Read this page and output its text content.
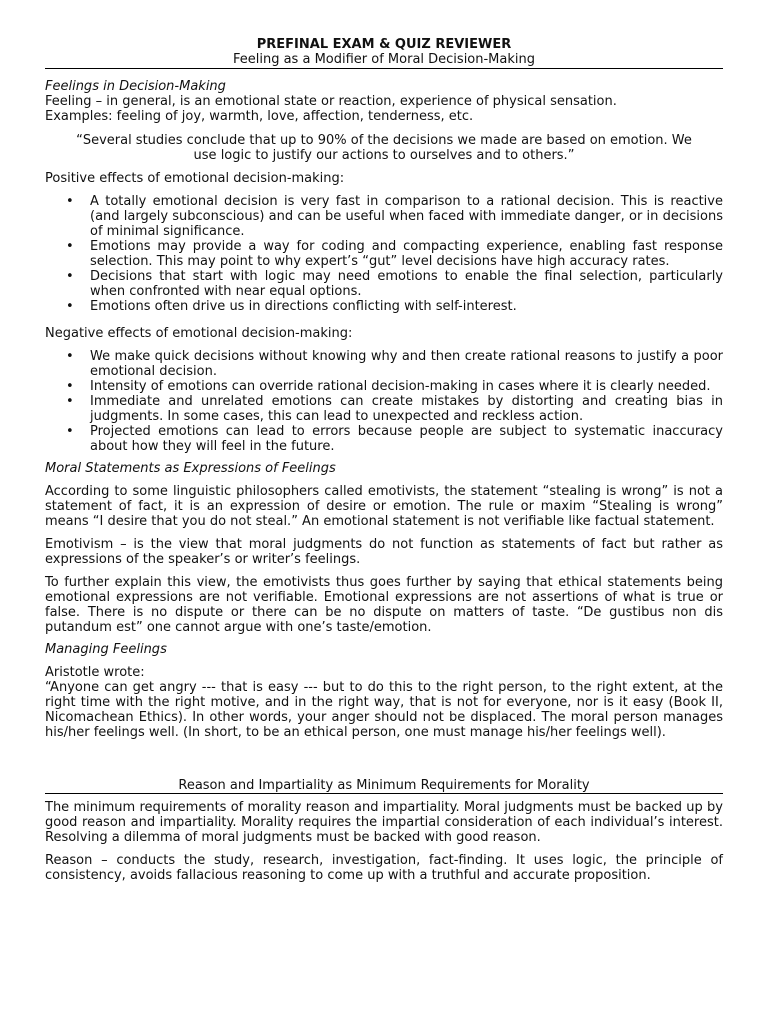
PREFINAL EXAM & QUIZ REVIEWER
Feeling as a Modifier of Moral Decision-Making
Feelings in Decision-Making

Feeling – in general, is an emotional state or reaction, experience of physical sensation.

Examples: feeling of joy, warmth, love, affection, tenderness, etc.

“Several studies conclude that up to 90% of the decisions we made are based on emotion. We use logic to justify our actions to ourselves and to others.”

Positive effects of emotional decision-making:

• A totally emotional decision is very fast in comparison to a rational decision. This is reactive (and largely subconscious) and can be useful when faced with immediate danger, or in decisions of minimal significance.
• Emotions may provide a way for coding and compacting experience, enabling fast response selection. This may point to why expert’s “gut” level decisions have high accuracy rates.
• Decisions that start with logic may need emotions to enable the final selection, particularly when confronted with near equal options.
• Emotions often drive us in directions conflicting with self-interest.

Negative effects of emotional decision-making:

• We make quick decisions without knowing why and then create rational reasons to justify a poor emotional decision.
• Intensity of emotions can override rational decision-making in cases where it is clearly needed.
• Immediate and unrelated emotions can create mistakes by distorting and creating bias in judgments. In some cases, this can lead to unexpected and reckless action.
• Projected emotions can lead to errors because people are subject to systematic inaccuracy about how they will feel in the future.
Moral Statements as Expressions of Feelings

According to some linguistic philosophers called emotivists, the statement “stealing is wrong” is not a statement of fact, it is an expression of desire or emotion. The rule or maxim “Stealing is wrong” means “I desire that you do not steal.” An emotional statement is not verifiable like factual statement.

Emotivism – is the view that moral judgments do not function as statements of fact but rather as expressions of the speaker’s or writer’s feelings.

To further explain this view, the emotivists thus goes further by saying that ethical statements being emotional expressions are not verifiable. Emotional expressions are not assertions of what is true or false. There is no dispute or there can be no dispute on matters of taste. “De gustibus non dis putandum est” one cannot argue with one’s taste/emotion.

Managing Feelings

Aristotle wrote:

“Anyone can get angry --- that is easy --- but to do this to the right person, to the right extent, at the right time with the right motive, and in the right way, that is not for everyone, nor is it easy (Book II, Nicomachean Ethics). In other words, your anger should not be displaced. The moral person manages his/her feelings well. (In short, to be an ethical person, one must manage his/her feelings well).

Reason and Impartiality as Minimum Requirements for Morality

The minimum requirements of morality reason and impartiality. Moral judgments must be backed up by good reason and impartiality. Morality requires the impartial consideration of each individual’s interest. Resolving a dilemma of moral judgments must be backed with good reason.

Reason – conducts the study, research, investigation, fact-finding. It uses logic, the principle of consistency, avoids fallacious reasoning to come up with a truthful and accurate proposition.
